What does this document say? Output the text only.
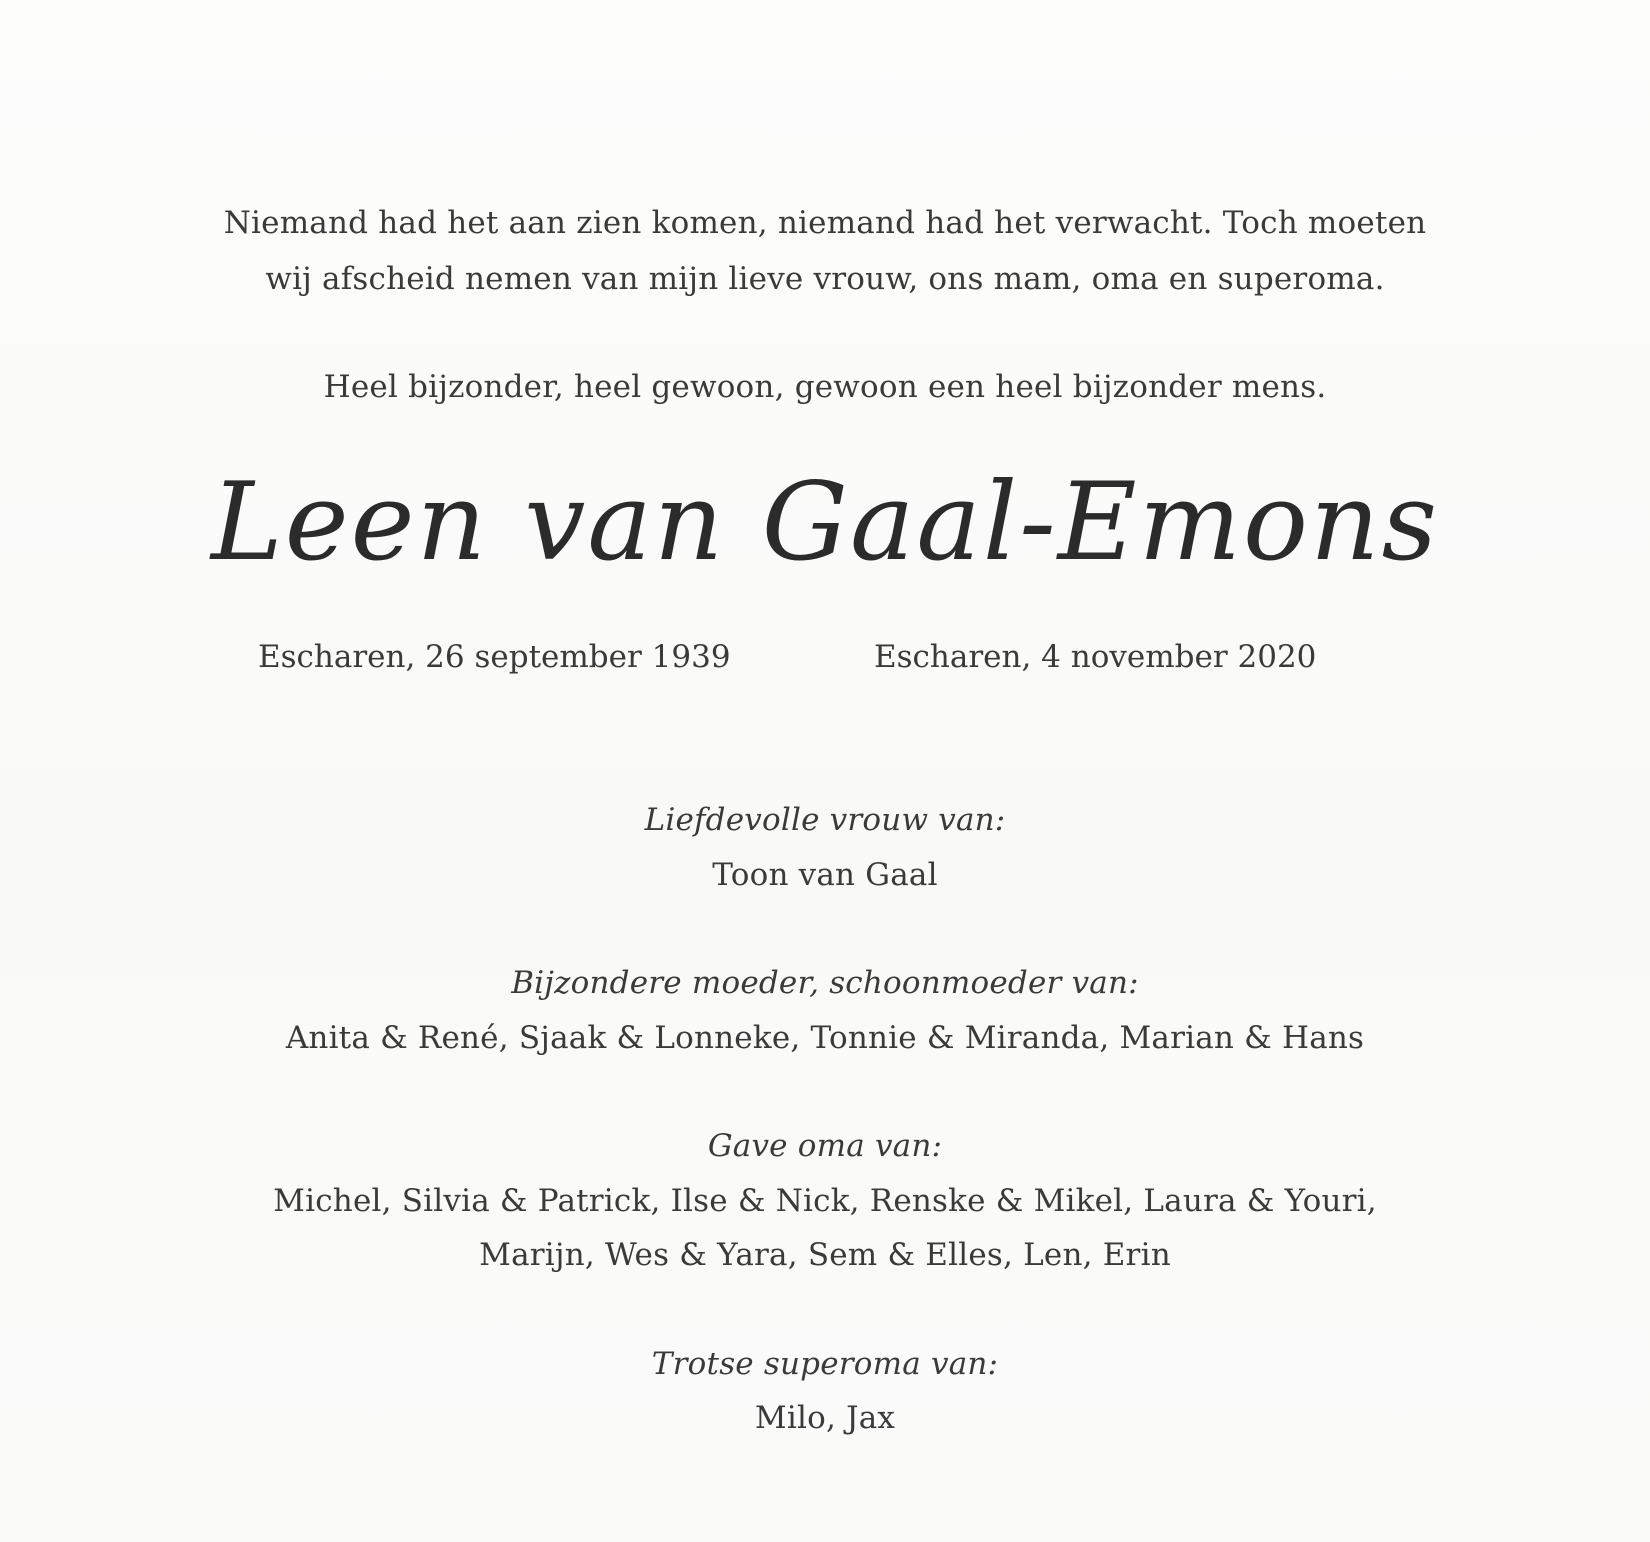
Niemand had het aan zien komen, niemand had het verwacht. Toch moeten
wij afscheid nemen van mijn lieve vrouw, ons mam, oma en superoma.
Heel bijzonder, heel gewoon, gewoon een heel bijzonder mens.
Leen van Gaal-Emons
Escharen, 26 september 1939	Escharen, 4 november 2020
Liefdevolle vrouw van:
Toon van Gaal
Bijzondere moeder, schoonmoeder van:
Anita & René, Sjaak & Lonneke, Tonnie & Miranda, Marian & Hans
Gave oma van:
Michel, Silvia & Patrick, Ilse & Nick, Renske & Mikel, Laura & Youri,
Marijn, Wes & Yara, Sem & Elles, Len, Erin
Trotse superoma van:
Milo, Jax
